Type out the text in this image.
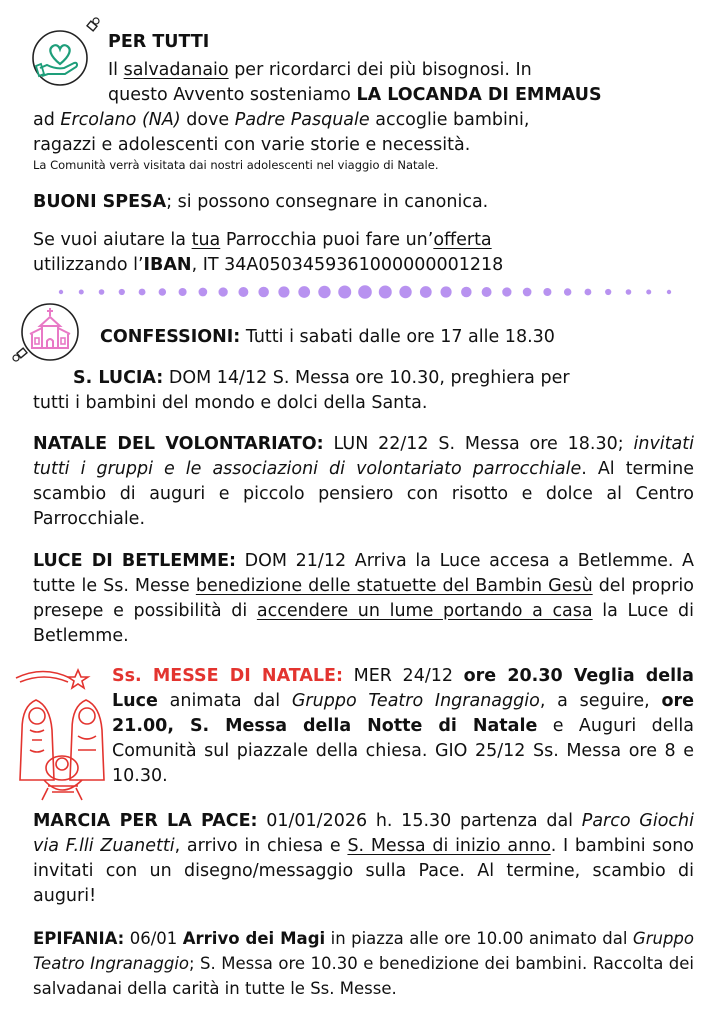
PER TUTTI
Il salvadanaio per ricordarci dei più bisognosi. In
questo Avvento sosteniamo LA LOCANDA DI EMMAUS
ad Ercolano (NA) dove Padre Pasquale accoglie bambini,
ragazzi e adolescenti con varie storie e necessità.
La Comunità verrà visitata dai nostri adolescenti nel viaggio di Natale.
BUONI SPESA; si possono consegnare in canonica.
Se vuoi aiutare la tua Parrocchia puoi fare un’offerta
utilizzando l’IBAN, IT 34A0503459361000000001218
CONFESSIONI: Tutti i sabati dalle ore 17 alle 18.30
S. LUCIA: DOM 14/12 S. Messa ore 10.30, preghiera per
tutti i bambini del mondo e dolci della Santa.
NATALE DEL VOLONTARIATO: LUN 22/12 S. Messa ore 18.30; invitati tutti i gruppi e le associazioni di volontariato parrocchiale. Al termine scambio di auguri e piccolo pensiero con risotto e dolce al Centro Parrocchiale.
LUCE DI BETLEMME: DOM 21/12 Arriva la Luce accesa a Betlemme. A tutte le Ss. Messe benedizione delle statuette del Bambin Gesù del proprio presepe e possibilità di accendere un lume portando a casa la Luce di Betlemme.
Ss. MESSE DI NATALE: MER 24/12 ore 20.30 Veglia della Luce animata dal Gruppo Teatro Ingranaggio, a seguire, ore 21.00, S. Messa della Notte di Natale e Auguri della Comunità sul piazzale della chiesa. GIO 25/12 Ss. Messa ore 8 e 10.30.
MARCIA PER LA PACE: 01/01/2026 h. 15.30 partenza dal Parco Giochi via F.lli Zuanetti, arrivo in chiesa e S. Messa di inizio anno. I bambini sono invitati con un disegno/messaggio sulla Pace. Al termine, scambio di auguri!
EPIFANIA: 06/01 Arrivo dei Magi in piazza alle ore 10.00 animato dal Gruppo Teatro Ingranaggio; S. Messa ore 10.30 e benedizione dei bambini. Raccolta dei salvadanai della carità in tutte le Ss. Messe.
